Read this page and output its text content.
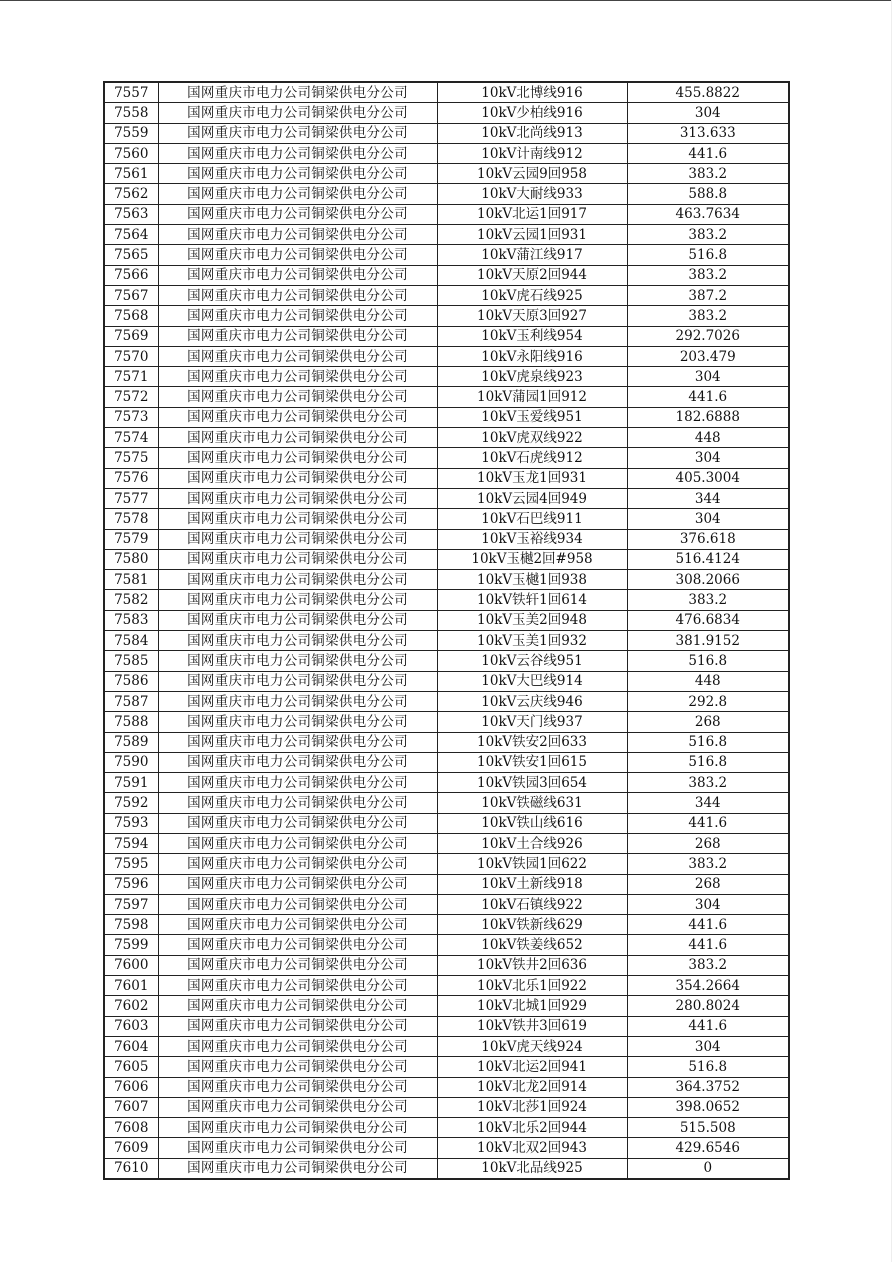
7557	国网重庆市电力公司铜梁供电分公司	10kV北博线916	455.8822
7558	国网重庆市电力公司铜梁供电分公司	10kV少柏线916	304
7559	国网重庆市电力公司铜梁供电分公司	10kV北尚线913	313.633
7560	国网重庆市电力公司铜梁供电分公司	10kV计南线912	441.6
7561	国网重庆市电力公司铜梁供电分公司	10kV云园9回958	383.2
7562	国网重庆市电力公司铜梁供电分公司	10kV大耐线933	588.8
7563	国网重庆市电力公司铜梁供电分公司	10kV北运1回917	463.7634
7564	国网重庆市电力公司铜梁供电分公司	10kV云园1回931	383.2
7565	国网重庆市电力公司铜梁供电分公司	10kV蒲江线917	516.8
7566	国网重庆市电力公司铜梁供电分公司	10kV天原2回944	383.2
7567	国网重庆市电力公司铜梁供电分公司	10kV虎石线925	387.2
7568	国网重庆市电力公司铜梁供电分公司	10kV天原3回927	383.2
7569	国网重庆市电力公司铜梁供电分公司	10kV玉利线954	292.7026
7570	国网重庆市电力公司铜梁供电分公司	10kV永阳线916	203.479
7571	国网重庆市电力公司铜梁供电分公司	10kV虎泉线923	304
7572	国网重庆市电力公司铜梁供电分公司	10kV蒲园1回912	441.6
7573	国网重庆市电力公司铜梁供电分公司	10kV玉爱线951	182.6888
7574	国网重庆市电力公司铜梁供电分公司	10kV虎双线922	448
7575	国网重庆市电力公司铜梁供电分公司	10kV石虎线912	304
7576	国网重庆市电力公司铜梁供电分公司	10kV玉龙1回931	405.3004
7577	国网重庆市电力公司铜梁供电分公司	10kV云园4回949	344
7578	国网重庆市电力公司铜梁供电分公司	10kV石巴线911	304
7579	国网重庆市电力公司铜梁供电分公司	10kV玉裕线934	376.618
7580	国网重庆市电力公司铜梁供电分公司	10kV玉樾2回#958	516.4124
7581	国网重庆市电力公司铜梁供电分公司	10kV玉樾1回938	308.2066
7582	国网重庆市电力公司铜梁供电分公司	10kV铁轩1回614	383.2
7583	国网重庆市电力公司铜梁供电分公司	10kV玉美2回948	476.6834
7584	国网重庆市电力公司铜梁供电分公司	10kV玉美1回932	381.9152
7585	国网重庆市电力公司铜梁供电分公司	10kV云谷线951	516.8
7586	国网重庆市电力公司铜梁供电分公司	10kV大巴线914	448
7587	国网重庆市电力公司铜梁供电分公司	10kV云庆线946	292.8
7588	国网重庆市电力公司铜梁供电分公司	10kV天门线937	268
7589	国网重庆市电力公司铜梁供电分公司	10kV铁安2回633	516.8
7590	国网重庆市电力公司铜梁供电分公司	10kV铁安1回615	516.8
7591	国网重庆市电力公司铜梁供电分公司	10kV铁园3回654	383.2
7592	国网重庆市电力公司铜梁供电分公司	10kV铁磁线631	344
7593	国网重庆市电力公司铜梁供电分公司	10kV铁山线616	441.6
7594	国网重庆市电力公司铜梁供电分公司	10kV土合线926	268
7595	国网重庆市电力公司铜梁供电分公司	10kV铁园1回622	383.2
7596	国网重庆市电力公司铜梁供电分公司	10kV土新线918	268
7597	国网重庆市电力公司铜梁供电分公司	10kV石镇线922	304
7598	国网重庆市电力公司铜梁供电分公司	10kV铁新线629	441.6
7599	国网重庆市电力公司铜梁供电分公司	10kV铁姜线652	441.6
7600	国网重庆市电力公司铜梁供电分公司	10kV铁井2回636	383.2
7601	国网重庆市电力公司铜梁供电分公司	10kV北乐1回922	354.2664
7602	国网重庆市电力公司铜梁供电分公司	10kV北城1回929	280.8024
7603	国网重庆市电力公司铜梁供电分公司	10kV铁井3回619	441.6
7604	国网重庆市电力公司铜梁供电分公司	10kV虎天线924	304
7605	国网重庆市电力公司铜梁供电分公司	10kV北运2回941	516.8
7606	国网重庆市电力公司铜梁供电分公司	10kV北龙2回914	364.3752
7607	国网重庆市电力公司铜梁供电分公司	10kV北莎1回924	398.0652
7608	国网重庆市电力公司铜梁供电分公司	10kV北乐2回944	515.508
7609	国网重庆市电力公司铜梁供电分公司	10kV北双2回943	429.6546
7610	国网重庆市电力公司铜梁供电分公司	10kV北品线925	0
